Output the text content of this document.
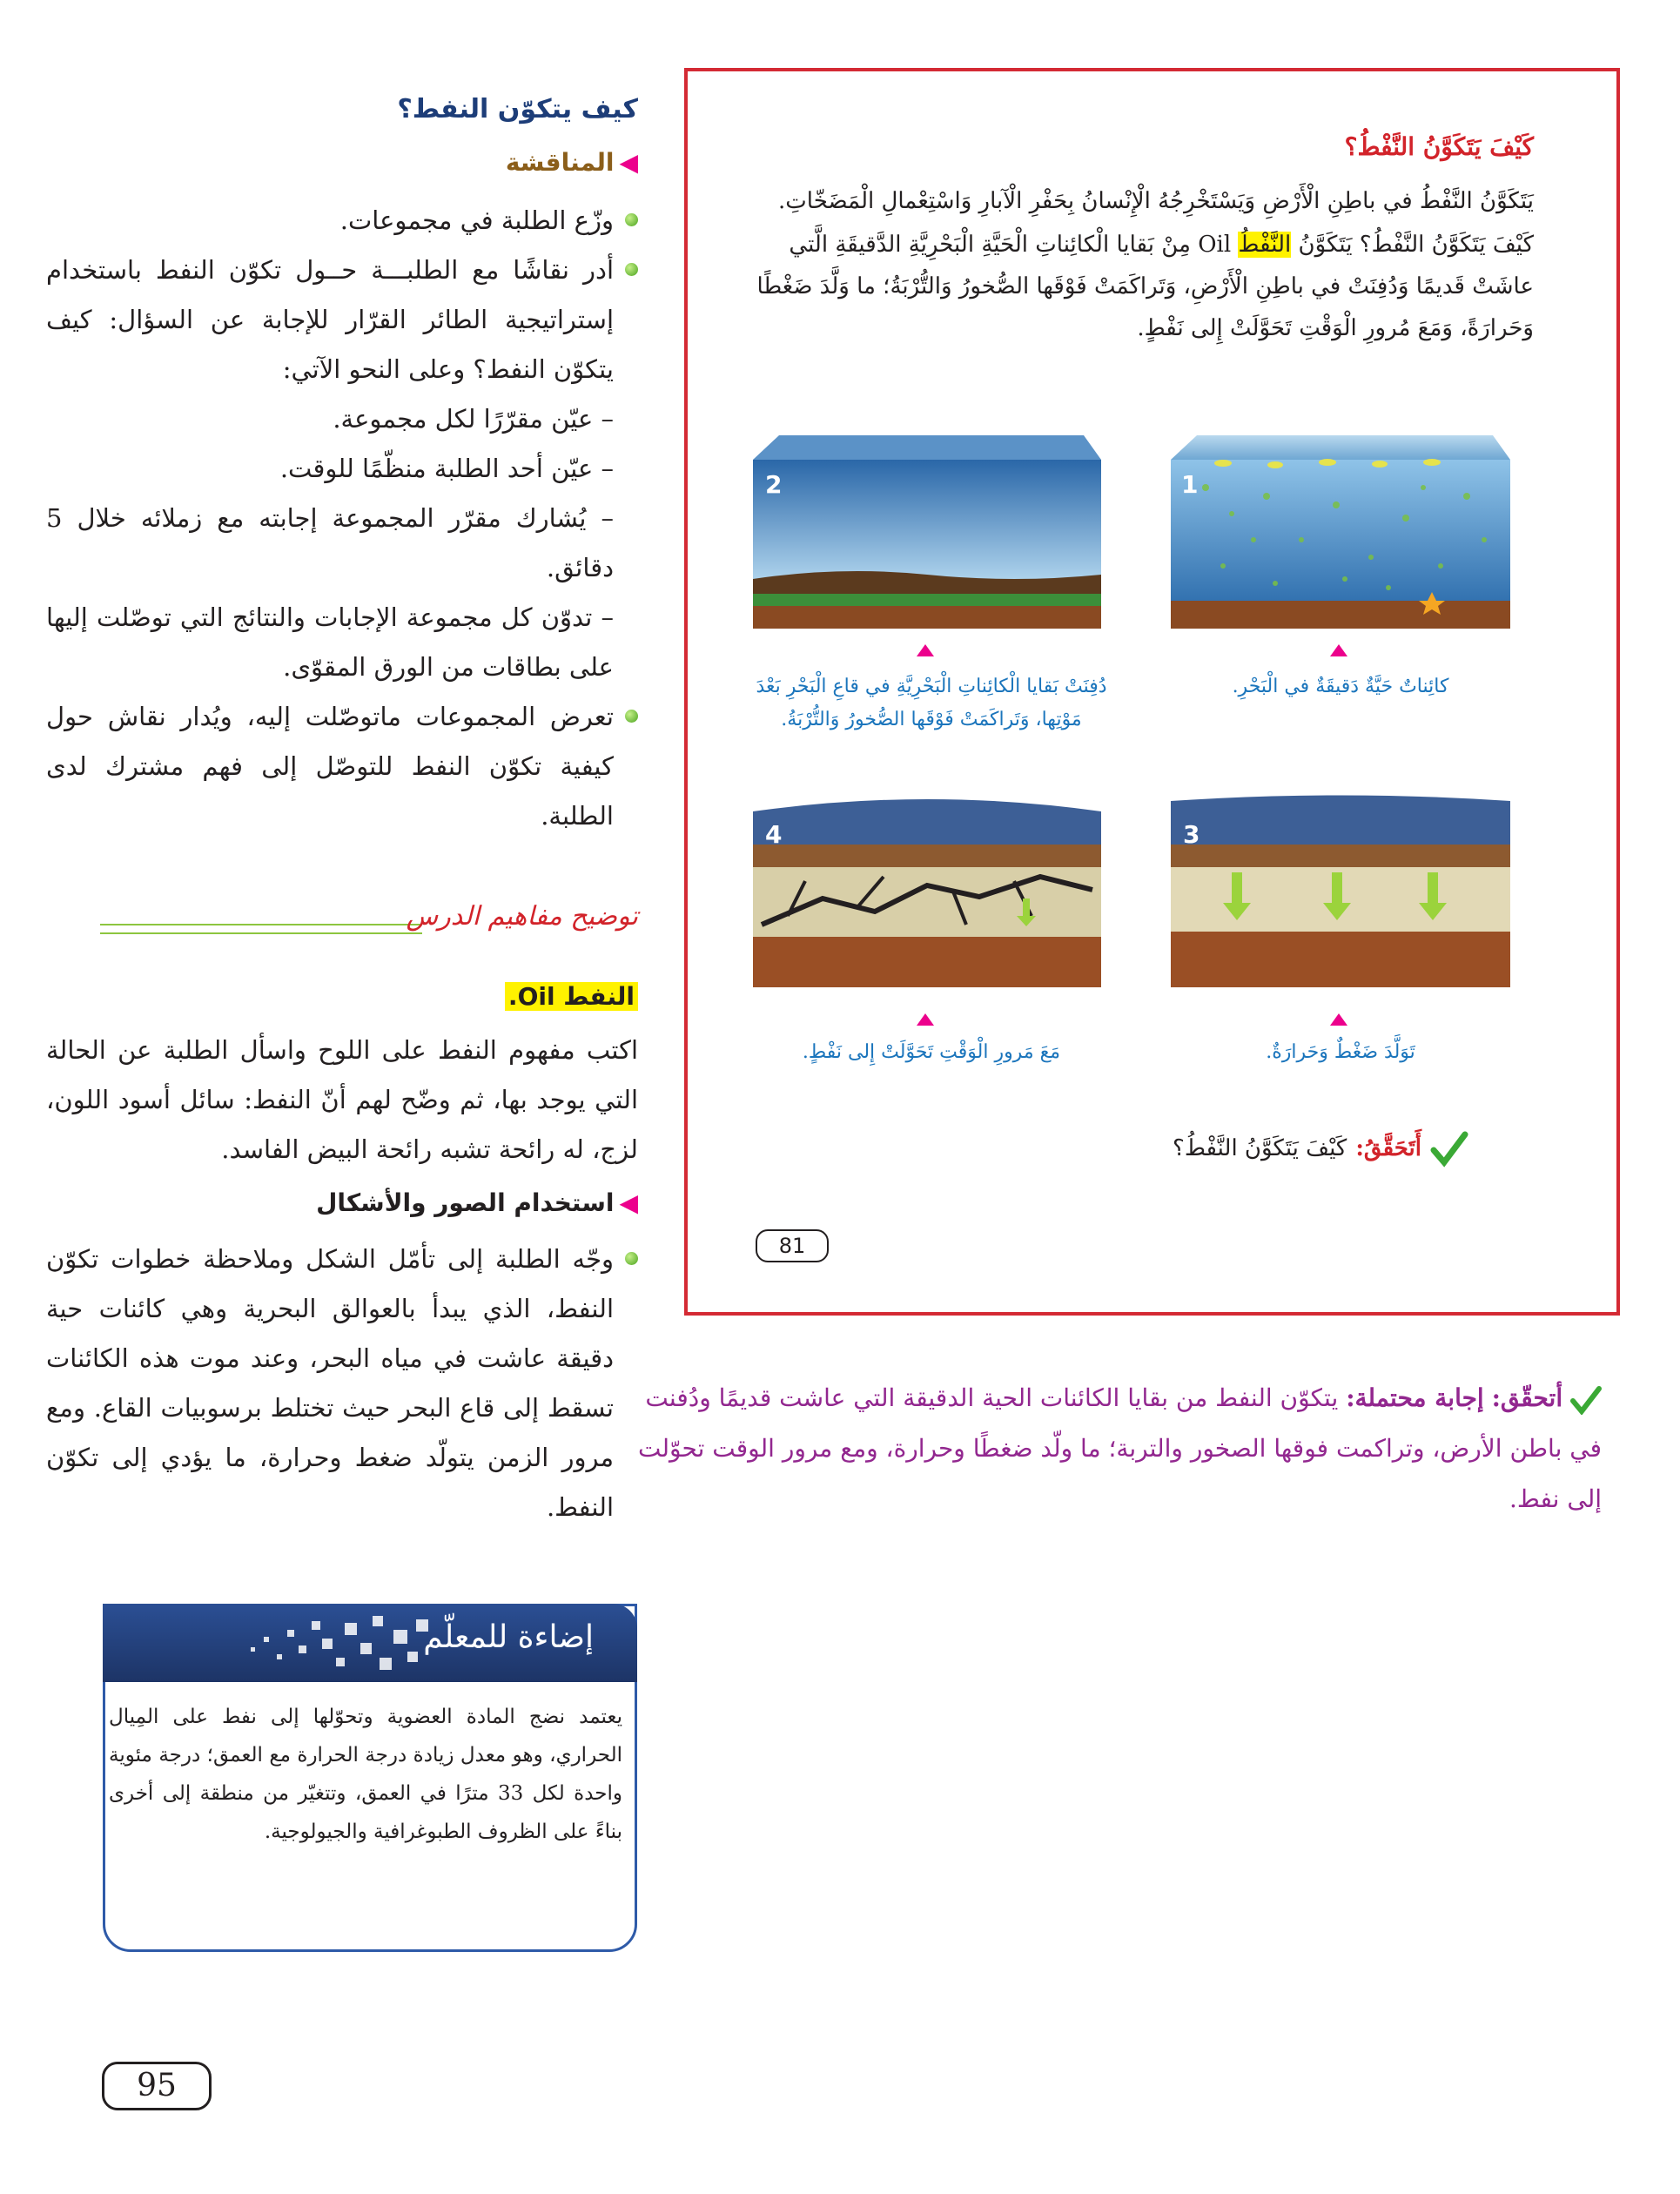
كَيْفَ يَتَكَوَّنُ النَّفْطُ؟
يَتَكَوَّنُ النَّفْطُ في باطِنِ الْأَرْضِ وَيَسْتَخْرِجُهُ الْإِنْسانُ بِحَفْرِ الْآبارِ وَاسْتِعْمالِ الْمَضَخّاتِ.
كَيْفَ يَتَكَوَّنُ النَّفْطُ؟ يَتَكَوَّنُ النَّفْطُ Oil مِنْ بَقايا الْكائِناتِ الْحَيَّةِ الْبَحْرِيَّةِ الدَّقيقَةِ الَّتي عاشَتْ قَديمًا وَدُفِنَتْ في باطِنِ الْأَرْضِ، وَتَراكَمَتْ فَوْقَها الصُّخورُ وَالتُّرْبَةُ؛ ما وَلَّدَ ضَغْطًا وَحَرارَةً، وَمَعَ مُرورِ الْوَقْتِ تَحَوَّلَتْ إِلى نَفْطٍ.
1
كائِناتٌ حَيَّةٌ دَقيقَةٌ في الْبَحْرِ.
2
دُفِنَتْ بَقايا الْكائِناتِ الْبَحْرِيَّةِ في قاعِ الْبَحْرِ بَعْدَ مَوْتِها، وَتَراكَمَتْ فَوْقَها الصُّخورُ وَالتُّرْبَةُ.
3
تَوَلَّدَ ضَغْطٌ وَحَرارَةٌ.
4
مَعَ مَرورِ الْوَقْتِ تَحَوَّلَتْ إِلى نَفْطٍ.
أَتَحَقَّقُ:
كَيْفَ يَتَكَوَّنُ النَّفْطُ؟
81
كيف يتكوّن النفط؟
◀المناقشة
وزّع الطلبة في مجموعات.
أدر نقاشًا مع الطلبـــة حــول تكوّن النفط باستخدام إستراتيجية الطائر القرّار للإجابة عن السؤال: كيف يتكوّن النفط؟ وعلى النحو الآتي:
– عيّن مقرّرًا لكل مجموعة.
– عيّن أحد الطلبة منظّمًا للوقت.
– يُشارك مقرّر المجموعة إجابته مع زملائه خلال 5 دقائق.
– تدوّن كل مجموعة الإجابات والنتائج التي توصّلت إليها على بطاقات من الورق المقوّى.
تعرض المجموعات ماتوصّلت إليه، ويُدار نقاش حول كيفية تكوّن النفط للتوصّل إلى فهم مشترك لدى الطلبة.
توضيح مفاهيم الدرس
النفط Oil.
اكتب مفهوم النفط على اللوح واسأل الطلبة عن الحالة التي يوجد بها، ثم وضّح لهم أنّ النفط: سائل أسود اللون، لزج، له رائحة تشبه رائحة البيض الفاسد.
◀استخدام الصور والأشكال
وجّه الطلبة إلى تأمّل الشكل وملاحظة خطوات تكوّن النفط، الذي يبدأ بالعوالق البحرية وهي كائنات حية دقيقة عاشت في مياه البحر، وعند موت هذه الكائنات تسقط إلى قاع البحر حيث تختلط برسوبيات القاع. ومع مرور الزمن يتولّد ضغط وحرارة، ما يؤدي إلى تكوّن النفط.
أتحقّق: إجابة محتملة: يتكوّن النفط من بقايا الكائنات الحية الدقيقة التي عاشت قديمًا ودُفنت في باطن الأرض، وتراكمت فوقها الصخور والتربة؛ ما ولّد ضغطًا وحرارة، ومع مرور الوقت تحوّلت إلى نفط.
إضاءة للمعلّم
يعتمد نضج المادة العضوية وتحوّلها إلى نفط على المِيال الحراري، وهو معدل زيادة درجة الحرارة مع العمق؛ درجة مئوية واحدة لكل 33 مترًا في العمق، وتتغيّر من منطقة إلى أخرى بناءً على الظروف الطبوغرافية والجيولوجية.
95
